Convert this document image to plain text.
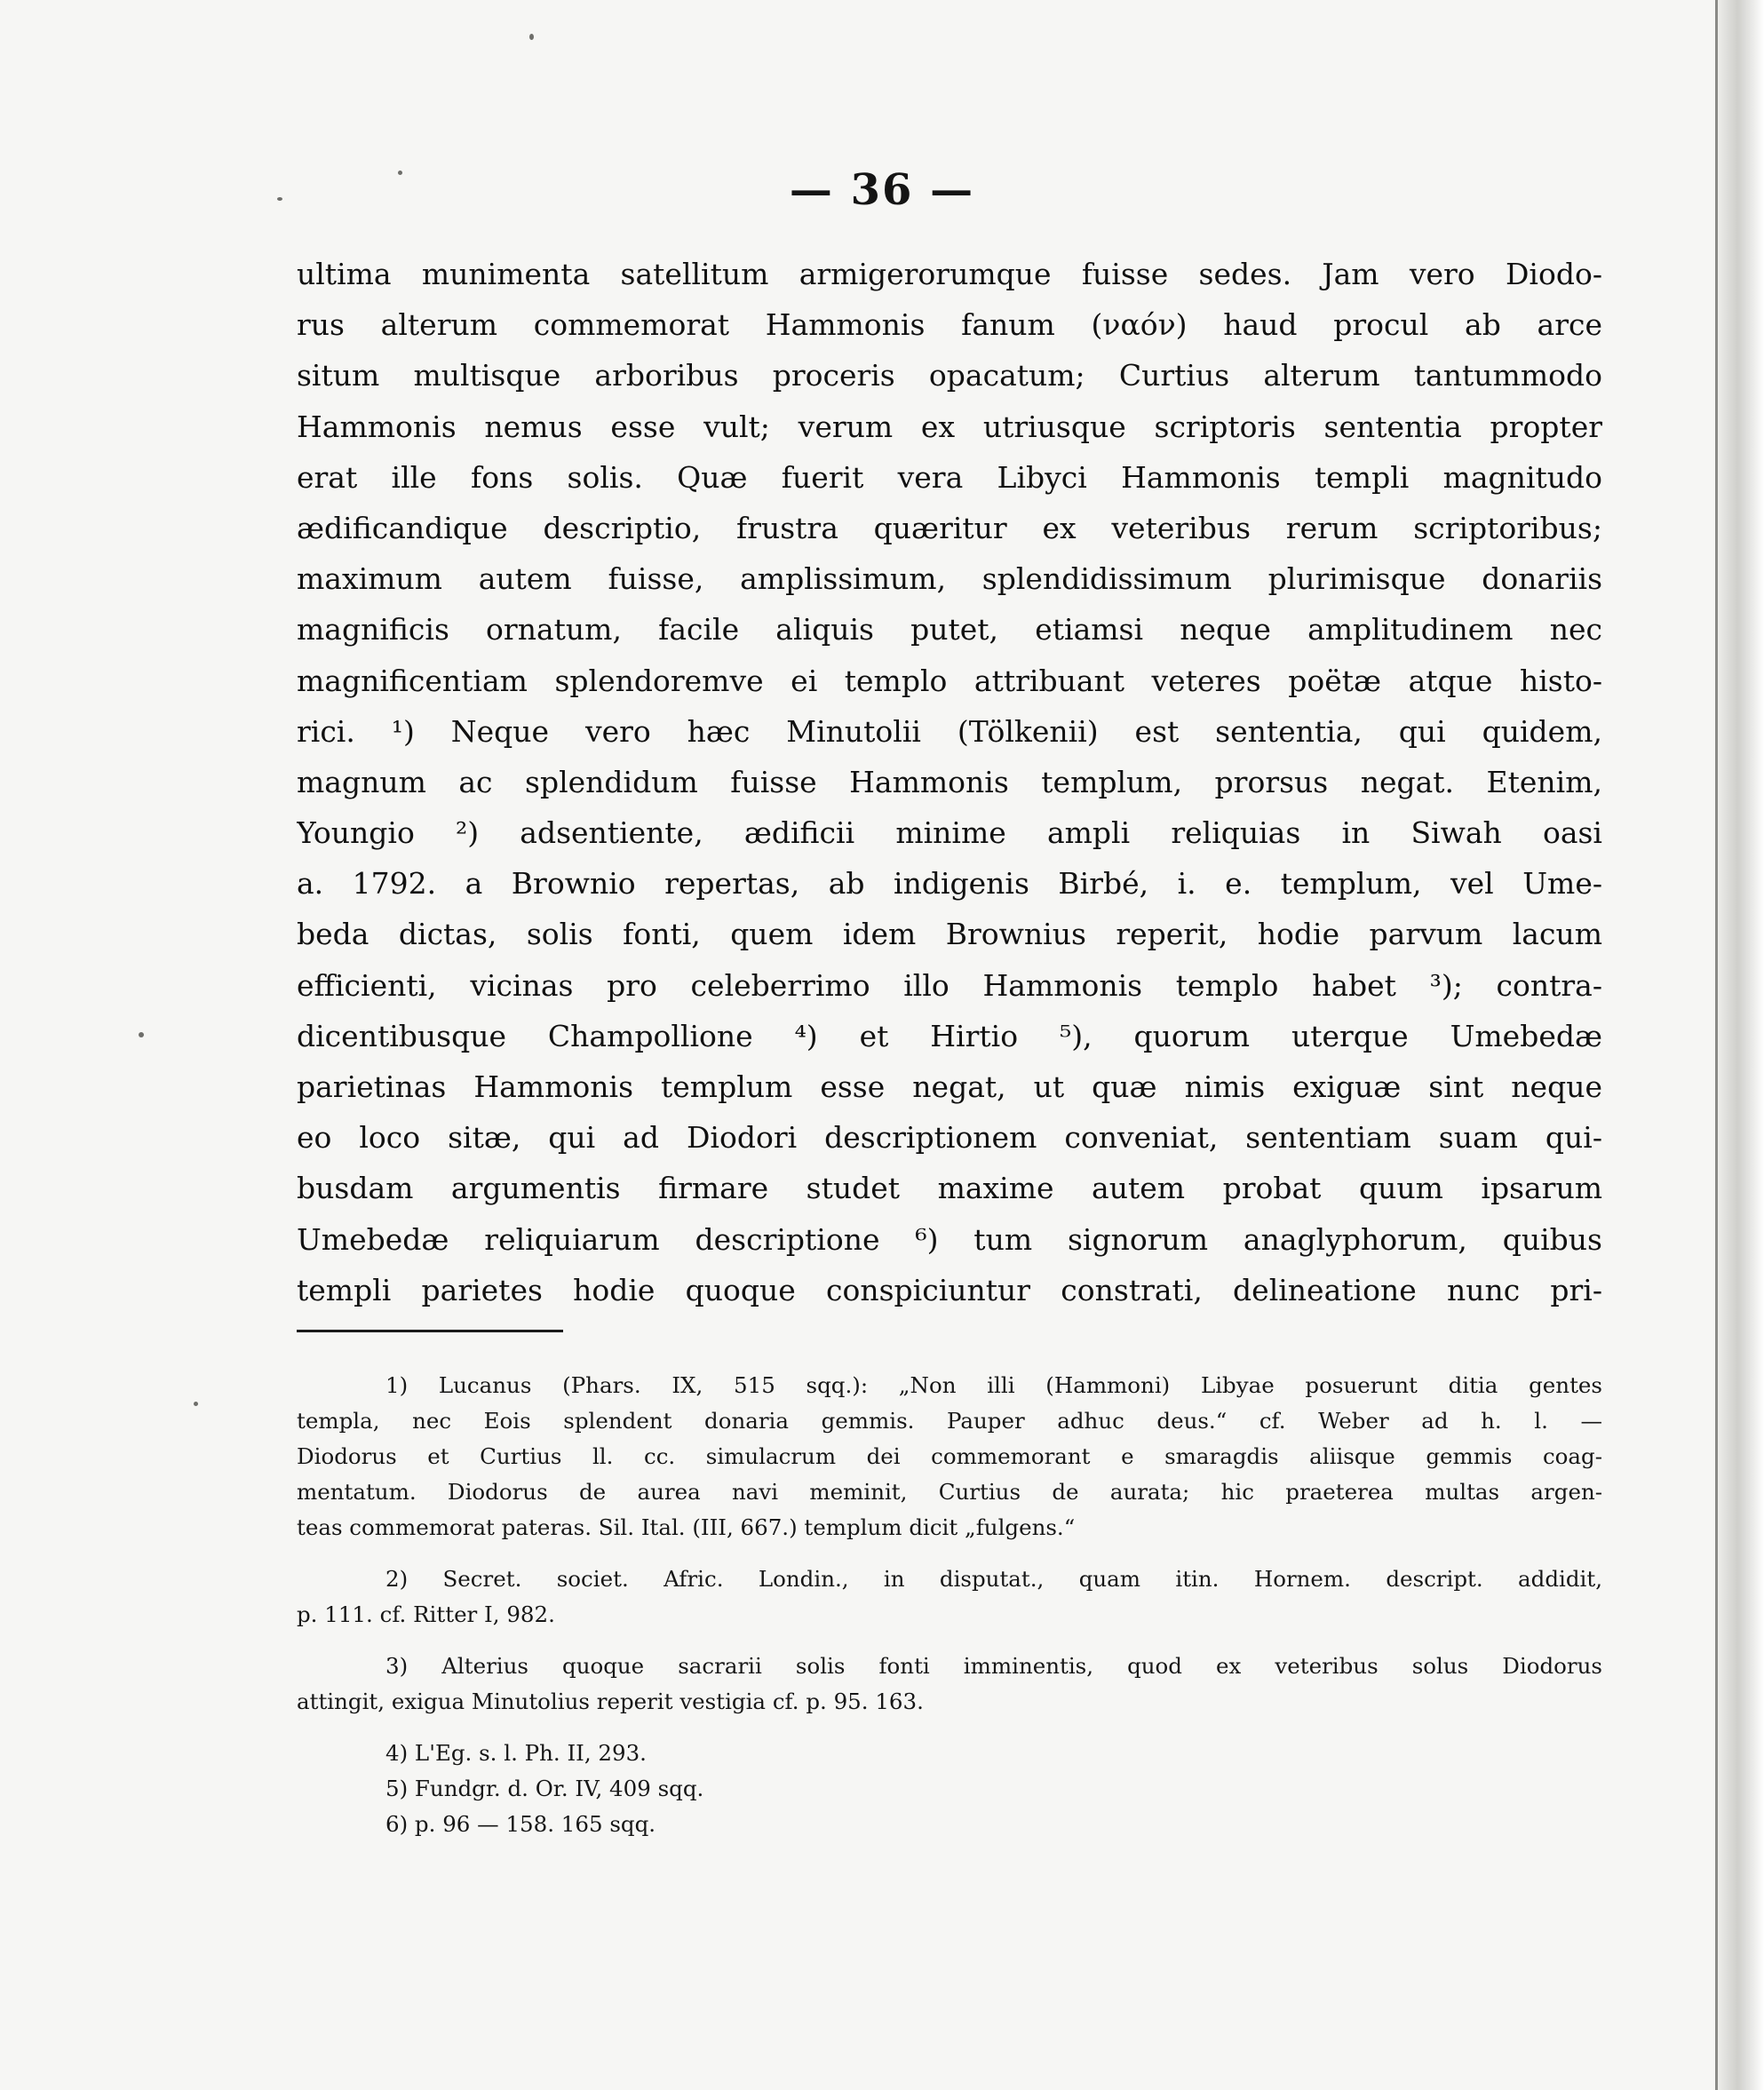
— 36 —
ultima munimenta satellitum armigerorumque fuisse sedes. Jam vero Diodo-
rus alterum commemorat Hammonis fanum (ναόν) haud procul ab arce
situm multisque arboribus proceris opacatum; Curtius alterum tantummodo
Hammonis nemus esse vult; verum ex utriusque scriptoris sententia propter
erat ille fons solis. Quæ fuerit vera Libyci Hammonis templi magnitudo
ædificandique descriptio, frustra quæritur ex veteribus rerum scriptoribus;
maximum autem fuisse, amplissimum, splendidissimum plurimisque donariis
magnificis ornatum, facile aliquis putet, etiamsi neque amplitudinem nec
magnificentiam splendoremve ei templo attribuant veteres poëtæ atque histo-
rici. ¹) Neque vero hæc Minutolii (Tölkenii) est sententia, qui quidem,
magnum ac splendidum fuisse Hammonis templum, prorsus negat. Etenim,
Youngio ²) adsentiente, ædificii minime ampli reliquias in Siwah oasi
a. 1792. a Brownio repertas, ab indigenis Birbé, i. e. templum, vel Ume-
beda dictas, solis fonti, quem idem Brownius reperit, hodie parvum lacum
efficienti, vicinas pro celeberrimo illo Hammonis templo habet ³); contra-
dicentibusque Champollione ⁴) et Hirtio ⁵), quorum uterque Umebedæ
parietinas Hammonis templum esse negat, ut quæ nimis exiguæ sint neque
eo loco sitæ, qui ad Diodori descriptionem conveniat, sententiam suam qui-
busdam argumentis firmare studet maxime autem probat quum ipsarum
Umebedæ reliquiarum descriptione ⁶) tum signorum anaglyphorum, quibus
templi parietes hodie quoque conspiciuntur constrati, delineatione nunc pri-
1) Lucanus (Phars. IX, 515 sqq.): „Non illi (Hammoni) Libyae posuerunt ditia gentes
templa, nec Eois splendent donaria gemmis. Pauper adhuc deus.“ cf. Weber ad h. l. —
Diodorus et Curtius ll. cc. simulacrum dei commemorant e smaragdis aliisque gemmis coag-
mentatum. Diodorus de aurea navi meminit, Curtius de aurata; hic praeterea multas argen-
teas commemorat pateras. Sil. Ital. (III, 667.) templum dicit „fulgens.“
2) Secret. societ. Afric. Londin., in disputat., quam itin. Hornem. descript. addidit,
p. 111. cf. Ritter I, 982.
3) Alterius quoque sacrarii solis fonti imminentis, quod ex veteribus solus Diodorus
attingit, exigua Minutolius reperit vestigia cf. p. 95. 163.
4) L'Eg. s. l. Ph. II, 293.
5) Fundgr. d. Or. IV, 409 sqq.
6) p. 96 — 158. 165 sqq.
